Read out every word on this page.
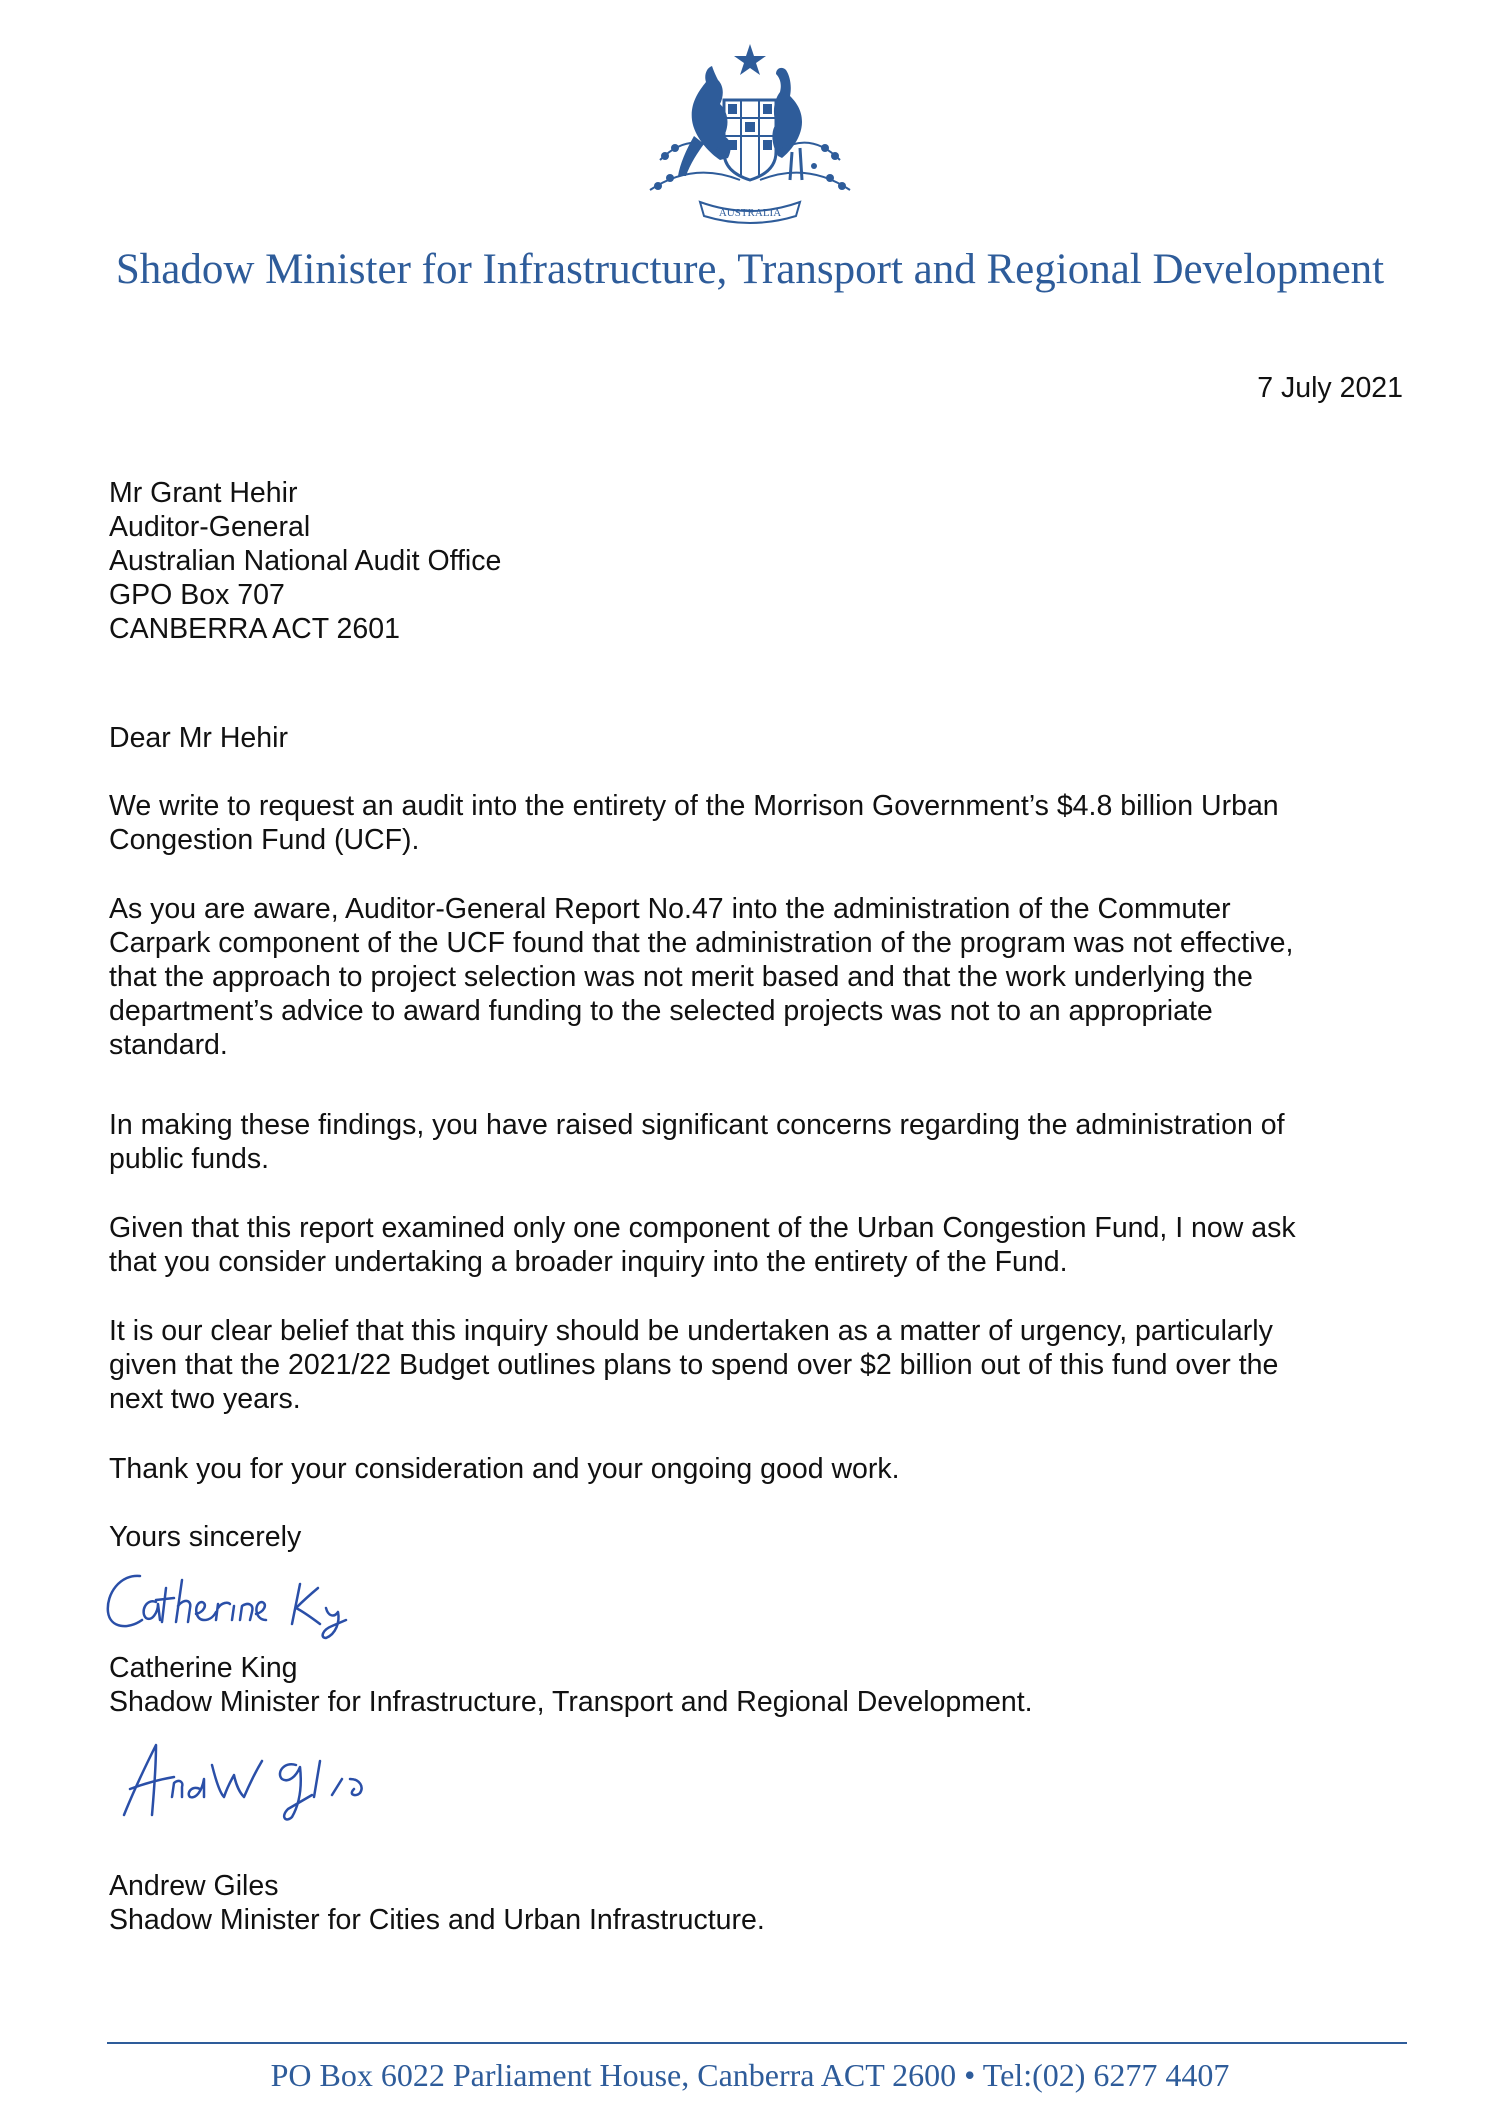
AUSTRALIA
Shadow Minister for Infrastructure, Transport and Regional Development
7 July 2021
Mr Grant Hehir
Auditor-General
Australian National Audit Office
GPO Box 707
CANBERRA ACT 2601
Dear Mr Hehir

We write to request an audit into the entirety of the Morrison Government’s $4.8 billion Urban
Congestion Fund (UCF).

As you are aware, Auditor-General Report No.47 into the administration of the Commuter
Carpark component of the UCF found that the administration of the program was not effective,
that the approach to project selection was not merit based and that the work underlying the
department’s advice to award funding to the selected projects was not to an appropriate
standard.

In making these findings, you have raised significant concerns regarding the administration of
public funds.

Given that this report examined only one component of the Urban Congestion Fund, I now ask
that you consider undertaking a broader inquiry into the entirety of the Fund.

It is our clear belief that this inquiry should be undertaken as a matter of urgency, particularly
given that the 2021/22 Budget outlines plans to spend over $2 billion out of this fund over the
next two years.

Thank you for your consideration and your ongoing good work.

Yours sincerely
Catherine King
Shadow Minister for Infrastructure, Transport and Regional Development.
Andrew Giles
Shadow Minister for Cities and Urban Infrastructure.
PO Box 6022 Parliament House, Canberra ACT 2600 • Tel:(02) 6277 4407
